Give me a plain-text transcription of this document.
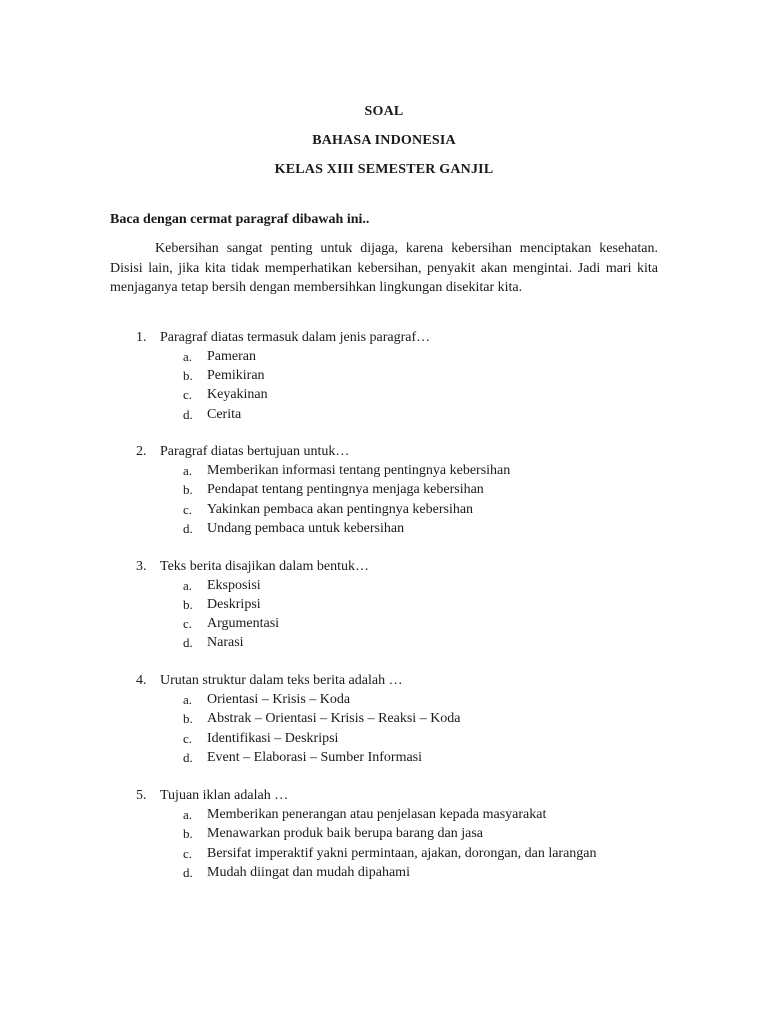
SOAL
BAHASA INDONESIA
KELAS XIII SEMESTER GANJIL
Baca dengan cermat paragraf dibawah ini..

Kebersihan sangat penting untuk dijaga, karena kebersihan menciptakan kesehatan. Disisi lain, jika kita tidak memperhatikan kebersihan, penyakit akan mengintai. Jadi mari kita menjaganya tetap bersih dengan membersihkan lingkungan disekitar kita.

1. Paragraf diatas termasuk dalam jenis paragraf…
a. Pameran
b. Pemikiran
c. Keyakinan
d. Cerita
2. Paragraf diatas bertujuan untuk…
a. Memberikan informasi tentang pentingnya kebersihan
b. Pendapat tentang pentingnya menjaga kebersihan
c. Yakinkan pembaca akan pentingnya kebersihan
d. Undang pembaca untuk kebersihan
3. Teks berita disajikan dalam bentuk…
a. Eksposisi
b. Deskripsi
c. Argumentasi
d. Narasi
4. Urutan struktur dalam teks berita adalah …
a. Orientasi – Krisis – Koda
b. Abstrak – Orientasi – Krisis – Reaksi – Koda
c. Identifikasi – Deskripsi
d. Event – Elaborasi – Sumber Informasi
5. Tujuan iklan adalah …
a. Memberikan penerangan atau penjelasan kepada masyarakat
b. Menawarkan produk baik berupa barang dan jasa
c. Bersifat imperaktif yakni permintaan, ajakan, dorongan, dan larangan
d. Mudah diingat dan mudah dipahami
